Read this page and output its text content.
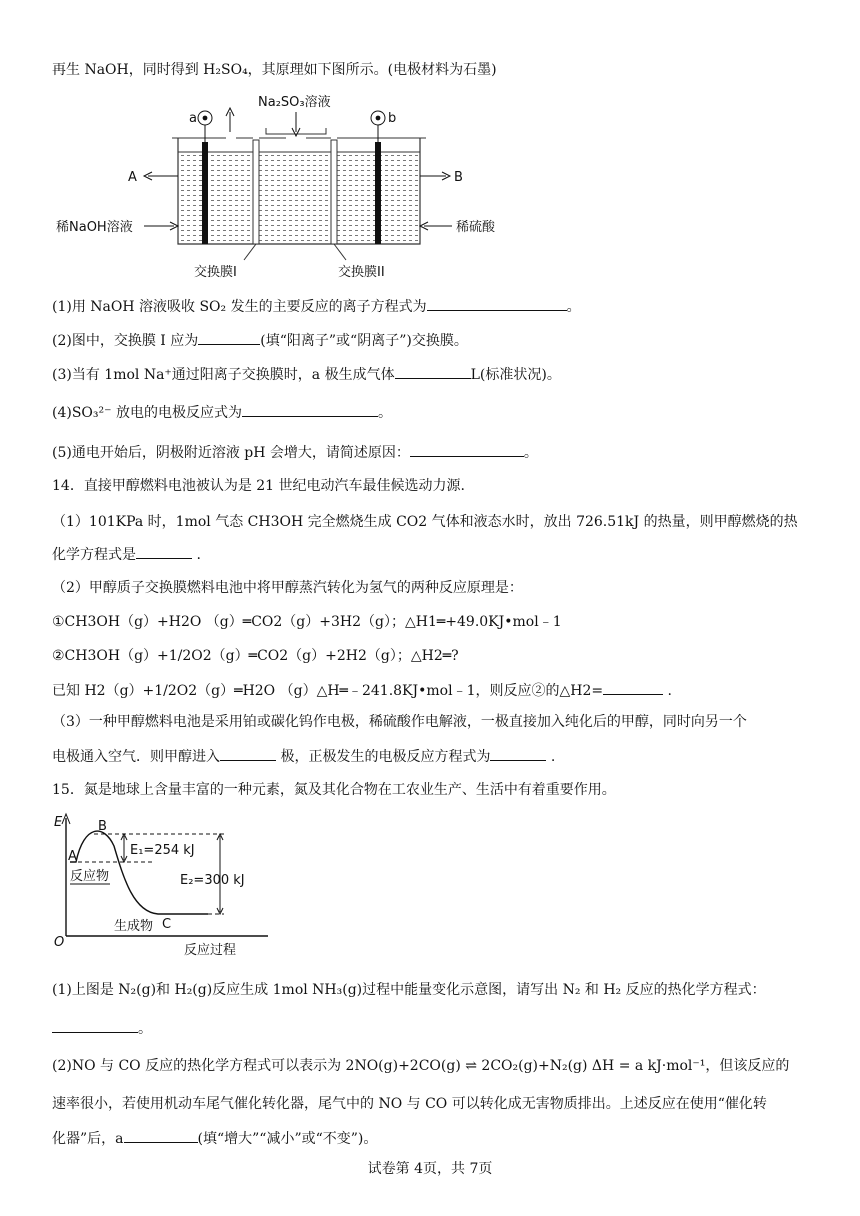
再生 NaOH，同时得到 H₂SO₄，其原理如下图所示。(电极材料为石墨)
a	b
Na₂SO₃溶液
A	B
稀NaOH溶液	稀硫酸
交换膜I	交换膜II
(1)用 NaOH 溶液吸收 SO₂ 发生的主要反应的离子方程式为	。
(2)图中，交换膜 I 应为	(填“阳离子”或“阴离子”)交换膜。
(3)当有 1mol Na⁺通过阳离子交换膜时，a 极生成气体	L(标准状况)。
(4)SO₃²⁻ 放电的电极反应式为	。
(5)通电开始后，阴极附近溶液 pH 会增大，请简述原因：	。
14．直接甲醇燃料电池被认为是 21 世纪电动汽车最佳候选动力源.
（1）101KPa 时，1mol 气态 CH3OH 完全燃烧生成 CO2 气体和液态水时，放出 726.51kJ 的热量，则甲醇燃烧的热
化学方程式是	.
（2）甲醇质子交换膜燃料电池中将甲醇蒸汽转化为氢气的两种反应原理是：
①CH3OH（g）+H2O （g）═CO2（g）+3H2（g）；△H1═+49.0KJ•mol﹣1
②CH3OH（g）+1/2O2（g）═CO2（g）+2H2（g）；△H2═?
已知 H2（g）+1/2O2（g）═H2O （g）△H═﹣241.8KJ•mol﹣1，则反应②的△H2=	.
（3）一种甲醇燃料电池是采用铂或碳化钨作电极，稀硫酸作电解液，一极直接加入纯化后的甲醇，同时向另一个
电极通入空气．则甲醇进入	极，正极发生的电极反应方程式为	.
15．氮是地球上含量丰富的一种元素，氮及其化合物在工农业生产、生活中有着重要作用。
E
O
反应过程
B
A
C
E₁=254 kJ
E₂=300 kJ
反应物
生成物
(1)上图是 N₂(g)和 H₂(g)反应生成 1mol NH₃(g)过程中能量变化示意图，请写出 N₂ 和 H₂ 反应的热化学方程式：
。
(2)NO 与 CO 反应的热化学方程式可以表示为 2NO(g)+2CO(g) ⇌ 2CO₂(g)+N₂(g) ΔH = a kJ·mol⁻¹，但该反应的
速率很小，若使用机动车尾气催化转化器，尾气中的 NO 与 CO 可以转化成无害物质排出。上述反应在使用“催化转
化器”后，a	(填“增大”“减小”或“不变”)。
试卷第 4页，共 7页
